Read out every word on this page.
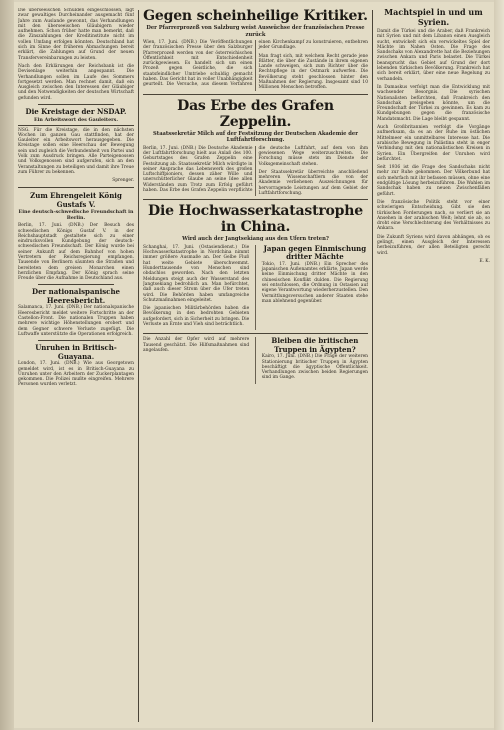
Die überseeischen Schulden eingeschlossen, lagt zwar gewaltiges Durcheinander ausgemacht fünf Jahre zum Auslande gewonnt, das Verhandlungen mit den überseeischen Gläubigern wieder aufnehmen. Schon früher hatte man bemerkt, daß die Zinszahlungen der Kreditinstitute nicht im vollen Umfang erfolgen könnten. Deutschland hat sich im Sinne der früheren Abmachungen bereit erklärt, die Zahlungen auf Grund der neuen Transfervereinbarungen zu leisten.

Nach den Erklärungen der Reichsbank ist die Devisenlage weiterhin angespannt. Die Verhandlungen sollen im Laufe des Sommers fortgesetzt werden. Man rechnet damit, daß ein Ausgleich zwischen den Interessen der Gläubiger und den Notwendigkeiten der deutschen Wirtschaft gefunden wird.

Die Kreistage der NSDAP.

Ein Arbeitswort des Gauleiters.

NSG. Für die Kreistage, die in den nächsten Wochen im ganzen Gau stattfinden, hat der Gauleiter ein Arbeitswort herausgegeben. Die Kreistage sollen eine Heerschau der Bewegung sein und zugleich die Verbundenheit von Partei und Volk zum Ausdruck bringen. Alle Parteigenossen und Volksgenossen sind aufgerufen, sich an den Veranstaltungen zu beteiligen und damit ihre Treue zum Führer zu bekennen.

Sprenger.

Zum Ehrengeleit König Gustafs V.

Eine deutsch-schwedische Freundschaft in Berlin.

Berlin, 17. Juni. (DNB.) Der Besuch des schwedischen Königs Gustaf V. in der Reichshauptstadt gestaltete sich zu einer eindrucksvollen Kundgebung der deutsch-schwedischen Freundschaft. Der König wurde bei seiner Ankunft auf dem Bahnhof von hohen Vertretern der Reichsregierung empfangen. Tausende von Berlinern säumten die Straßen und bereiteten dem greisen Monarchen einen herzlichen Empfang. Der König sprach seine Freude über die Aufnahme in Deutschland aus.

Der nationalspanische Heeresbericht.

Salamanca, 17. Juni. (DNB.) Der nationalspanische Heeresbericht meldet weitere Fortschritte an der Castellon-Front. Die nationalen Truppen haben mehrere wichtige Höhenstellungen erobert und dem Gegner schwere Verluste zugefügt. Die Luftwaffe unterstützte die Operationen erfolgreich.

Unruhen in Britisch-Guayana.

London, 17. Juni. (DNB.) Wie aus Georgetown gemeldet wird, ist es in Britisch-Guayana zu Unruhen unter den Arbeitern der Zuckerplantagen gekommen. Die Polizei mußte eingreifen. Mehrere Personen wurden verletzt.

Gegen scheinheilige Kritiker.

Der Pfarrerprozeß von Salzburg weist Auswüchse der französischen Presse zurück

Wien, 17. Juni. (DNB.) Die Veröffentlichungen der französischen Presse über den Salzburger Pfarrerprozeß werden von der österreichischen Öffentlichkeit mit Entschiedenheit zurückgewiesen. Es handelt sich um einen Prozeß gegen Geistliche, die sich staatsfeindlicher Umtriebe schuldig gemacht haben. Das Gericht hat in voller Unabhängigkeit geurteilt. Die Versuche, aus diesem Verfahren einen Kirchenkampf zu konstruieren, entbehren jeder Grundlage.

Man fragt sich, mit welchem Recht gerade jene Blätter, die über die Zustände in ihrem eigenen Lande schweigen, sich zum Richter über die Rechtspflege in der Ostmark aufwerfen. Die Bevölkerung steht geschlossen hinter den Maßnahmen der Regierung. Insgesamt sind 10 Millionen Menschen betroffen.

Das Erbe des Grafen Zeppelin.

Staatssekretär Milch auf der Festsitzung der Deutschen Akademie der Luftfahrtforschung.

Berlin, 17. Juni. (DNB.) Die Deutsche Akademie der Luftfahrtforschung hielt aus Anlaß des 100. Geburtstages des Grafen Zeppelin eine Festsitzung ab. Staatssekretär Milch würdigte in seiner Ansprache das Lebenswerk des großen Luftschiffpioniers, dessen zäher Wille und unerschütterlicher Glaube an seine Idee allen Widerständen zum Trotz zum Erfolg geführt haben. Das Erbe des Grafen Zeppelin verpflichte die deutsche Luftfahrt, auf dem von ihm gewiesenen Wege weiterzuschreiten. Die Forschung müsse stets im Dienste der Volksgemeinschaft stehen.

Der Staatssekretär überreichte anschließend mehreren Wissenschaftlern die von der Akademie verliehenen Auszeichnungen für hervorragende Leistungen auf dem Gebiet der Luftfahrtforschung.

Die Hochwasserkatastrophe in China.

Wird auch der Jangtsekiang aus den Ufern treten?

Schanghai, 17. Juni. (Ostasiendienst.) Die Hochwasserkatastrophe in Nordchina nimmt immer größere Ausmaße an. Der Gelbe Fluß hat weite Gebiete überschwemmt. Hunderttausende von Menschen sind obdachlos geworden. Nach den letzten Meldungen steigt auch der Wasserstand des Jangtsekiang bedrohlich an. Man befürchtet, daß auch dieser Strom über die Ufer treten wird. Die Behörden haben umfangreiche Schutzmaßnahmen eingeleitet.

Die japanischen Militärbehörden haben die Bevölkerung in den bedrohten Gebieten aufgefordert, sich in Sicherheit zu bringen. Die Verluste an Ernte und Vieh sind beträchtlich.

Japan gegen Einmischung dritter Mächte

Tokio, 17. Juni. (DNB.) Ein Sprecher des japanischen Außenamtes erklärte, Japan werde keine Einmischung dritter Mächte in den chinesischen Konflikt dulden. Die Regierung sei entschlossen, die Ordnung in Ostasien auf eigene Verantwortung wiederherzustellen. Den Vermittlungsversuchen anderer Staaten stehe man ablehnend gegenüber.

Die Anzahl der Opfer wird auf mehrere Tausend geschätzt. Die Hilfsmaßnahmen sind angelaufen.

Bleiben die britischen Truppen in Ägypten?

Kairo, 17. Juni. (DNB.) Die Frage der weiteren Stationierung britischer Truppen in Ägypten beschäftigt die ägyptische Öffentlichkeit. Verhandlungen zwischen beiden Regierungen sind im Gange.

Machtspiel in und um Syrien.

Damit die Türkei und die Araber, daß Frankreich mit Syrien und mit dem Libanon einen Ausgleich sucht, entwickelt sich ein verwickeltes Spiel der Mächte im Nahen Osten. Die Frage des Sandschaks von Alexandrette hat die Beziehungen zwischen Ankara und Paris belastet. Die Türkei beansprucht das Gebiet auf Grund der dort lebenden türkischen Bevölkerung. Frankreich hat sich bereit erklärt, über eine neue Regelung zu verhandeln.

In Damaskus verfolgt man die Entwicklung mit wachsender Besorgnis. Die syrischen Nationalisten befürchten, daß Frankreich den Sandschak preisgeben könnte, um die Freundschaft der Türkei zu gewinnen. Es kam zu Kundgebungen gegen die französische Mandatsmacht. Die Lage bleibt gespannt.

Auch Großbritannien verfolgt die Vorgänge aufmerksam, da es an der Ruhe im östlichen Mittelmeer ein unmittelbares Interesse hat. Die arabische Bewegung in Palästina steht in enger Verbindung mit den nationalistischen Kreisen in Syrien. Ein Übergreifen der Unruhen wird befürchtet.

Seit 1936 ist die Frage des Sandschaks nicht mehr zur Ruhe gekommen. Der Völkerbund hat sich mehrfach mit ihr befassen müssen, ohne eine endgültige Lösung herbeizuführen. Die Wahlen im Sandschak haben zu neuen Zwischenfällen geführt.

Die französische Politik steht vor einer schwierigen Entscheidung. Gibt sie den türkischen Forderungen nach, so verliert sie an Ansehen in der arabischen Welt; lehnt sie ab, so droht eine Verschlechterung des Verhältnisses zu Ankara.

Die Zukunft Syriens wird davon abhängen, ob es gelingt, einen Ausgleich der Interessen herbeizuführen, der allen Beteiligten gerecht wird.

E. K.
